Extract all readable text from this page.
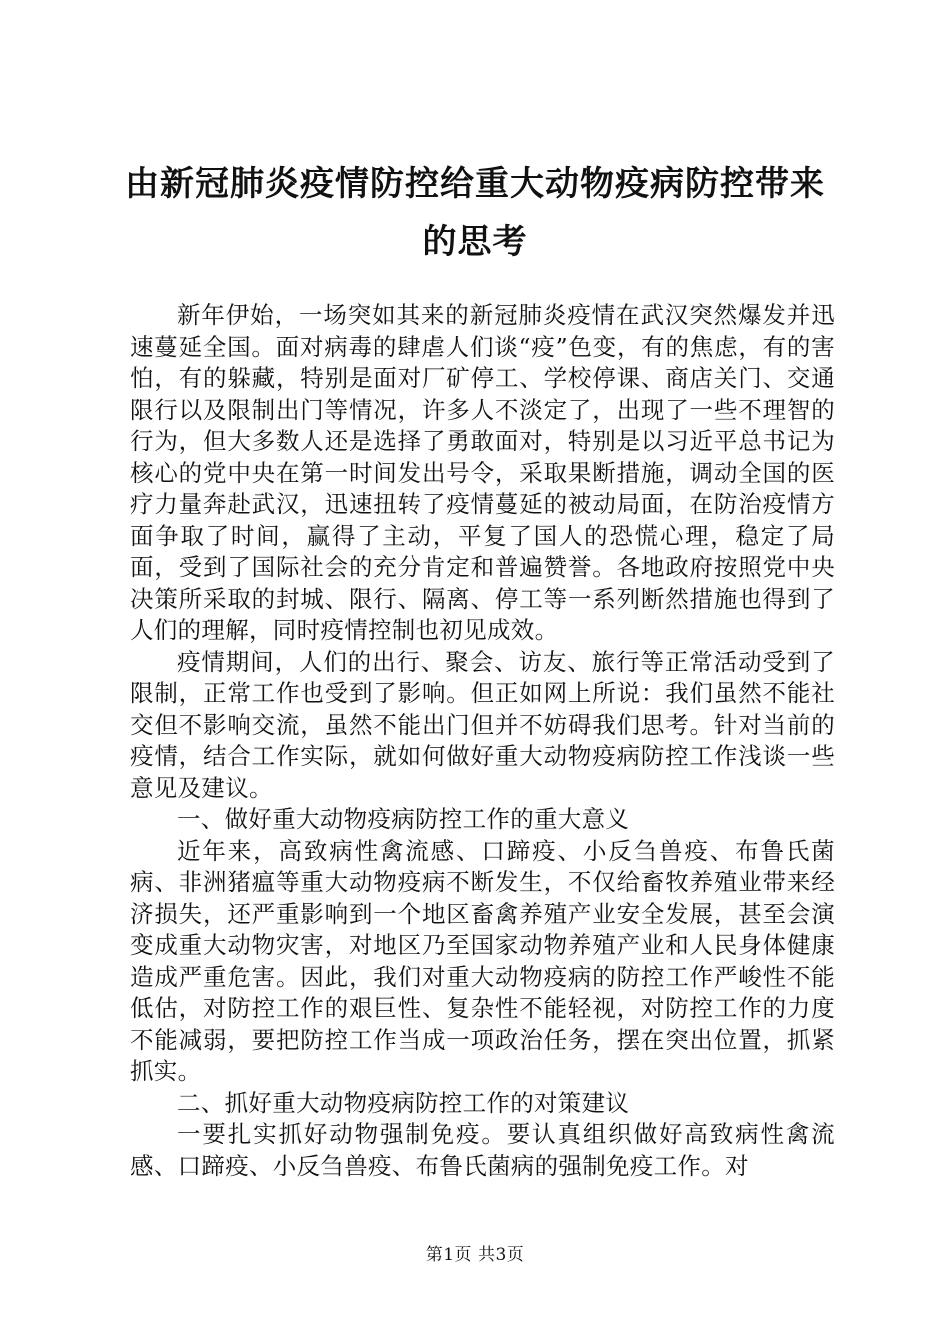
由新冠肺炎疫情防控给重大动物疫病防控带来
的思考

新年伊始，一场突如其来的新冠肺炎疫情在武汉突然爆发并迅速蔓延全国。面对病毒的肆虐人们谈“疫”色变，有的焦虑，有的害怕，有的躲藏，特别是面对厂矿停工、学校停课、商店关门、交通限行以及限制出门等情况，许多人不淡定了，出现了一些不理智的行为，但大多数人还是选择了勇敢面对，特别是以习近平总书记为核心的党中央在第一时间发出号令，采取果断措施，调动全国的医疗力量奔赴武汉，迅速扭转了疫情蔓延的被动局面，在防治疫情方面争取了时间，赢得了主动，平复了国人的恐慌心理，稳定了局面，受到了国际社会的充分肯定和普遍赞誉。各地政府按照党中央决策所采取的封城、限行、隔离、停工等一系列断然措施也得到了人们的理解，同时疫情控制也初见成效。

疫情期间，人们的出行、聚会、访友、旅行等正常活动受到了限制，正常工作也受到了影响。但正如网上所说：我们虽然不能社交但不影响交流，虽然不能出门但并不妨碍我们思考。针对当前的疫情，结合工作实际，就如何做好重大动物疫病防控工作浅谈一些意见及建议。

一、做好重大动物疫病防控工作的重大意义

近年来，高致病性禽流感、口蹄疫、小反刍兽疫、布鲁氏菌病、非洲猪瘟等重大动物疫病不断发生，不仅给畜牧养殖业带来经济损失，还严重影响到一个地区畜禽养殖产业安全发展，甚至会演变成重大动物灾害，对地区乃至国家动物养殖产业和人民身体健康造成严重危害。因此，我们对重大动物疫病的防控工作严峻性不能低估，对防控工作的艰巨性、复杂性不能轻视，对防控工作的力度不能减弱，要把防控工作当成一项政治任务，摆在突出位置，抓紧抓实。

二、抓好重大动物疫病防控工作的对策建议

一要扎实抓好动物强制免疫。要认真组织做好高致病性禽流感、口蹄疫、小反刍兽疫、布鲁氏菌病的强制免疫工作。对

第1页 共3页
